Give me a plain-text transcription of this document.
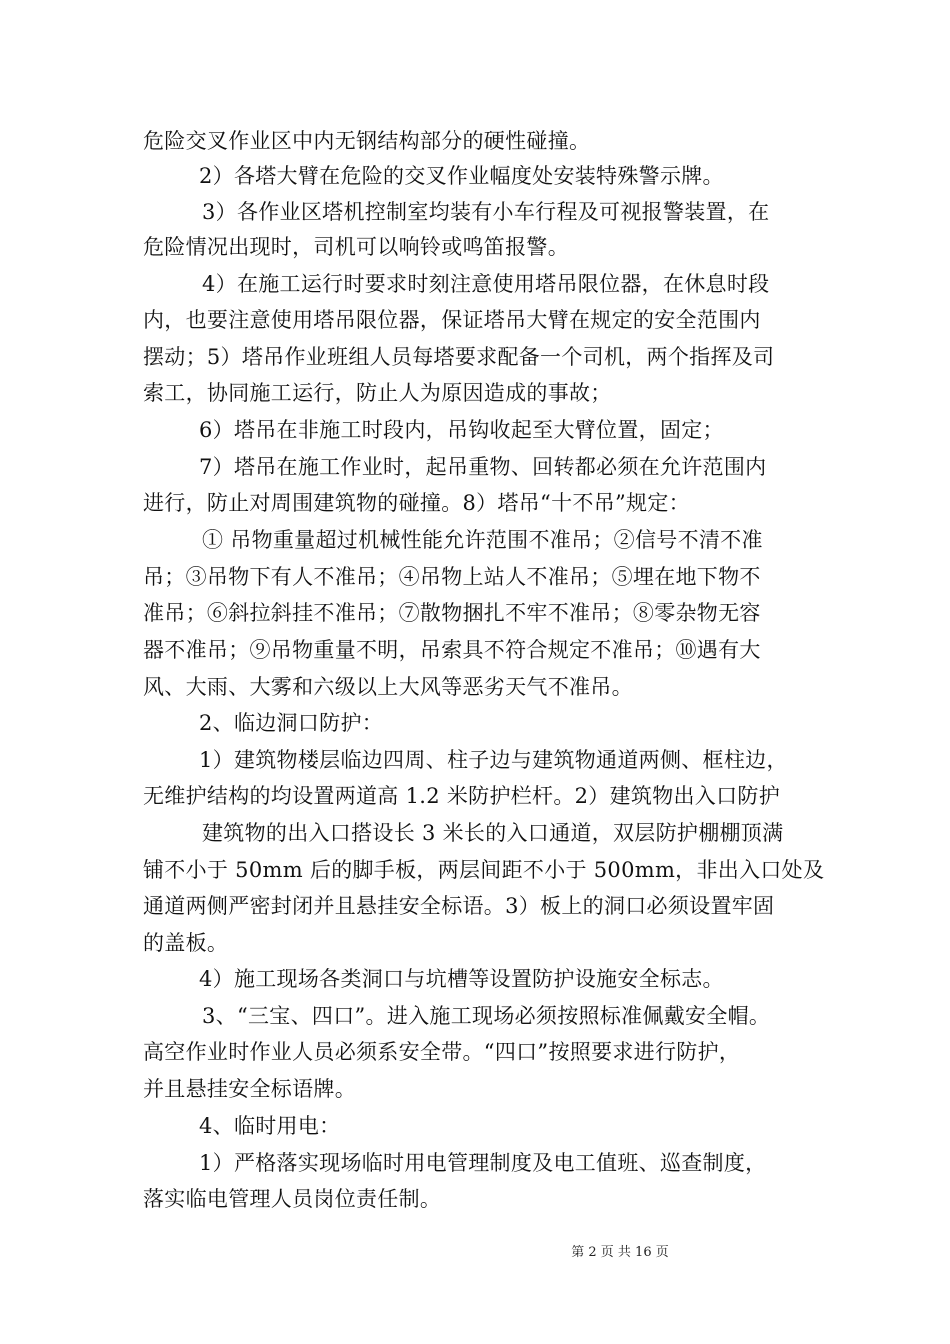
危险交叉作业区中内无钢结构部分的硬性碰撞。
2）各塔大臂在危险的交叉作业幅度处安装特殊警示牌。
3）各作业区塔机控制室均装有小车行程及可视报警装置，在
危险情况出现时，司机可以响铃或鸣笛报警。
4）在施工运行时要求时刻注意使用塔吊限位器，在休息时段
内，也要注意使用塔吊限位器，保证塔吊大臂在规定的安全范围内
摆动；5）塔吊作业班组人员每塔要求配备一个司机，两个指挥及司
索工，协同施工运行，防止人为原因造成的事故；
6）塔吊在非施工时段内，吊钩收起至大臂位置，固定；
7）塔吊在施工作业时，起吊重物、回转都必须在允许范围内
进行，防止对周围建筑物的碰撞。8）塔吊“十不吊”规定：
① 吊物重量超过机械性能允许范围不准吊；②信号不清不准
吊；③吊物下有人不准吊；④吊物上站人不准吊；⑤埋在地下物不
准吊；⑥斜拉斜挂不准吊；⑦散物捆扎不牢不准吊；⑧零杂物无容
器不准吊；⑨吊物重量不明，吊索具不符合规定不准吊；⑩遇有大
风、大雨、大雾和六级以上大风等恶劣天气不准吊。
2、临边洞口防护：
1）建筑物楼层临边四周、柱子边与建筑物通道两侧、框柱边，
无维护结构的均设置两道高 1.2 米防护栏杆。2）建筑物出入口防护
建筑物的出入口搭设长 3 米长的入口通道，双层防护棚棚顶满
铺不小于 50mm 后的脚手板，两层间距不小于 500mm，非出入口处及
通道两侧严密封闭并且悬挂安全标语。3）板上的洞口必须设置牢固
的盖板。
4）施工现场各类洞口与坑槽等设置防护设施安全标志。
3、“三宝、四口”。进入施工现场必须按照标准佩戴安全帽。
高空作业时作业人员必须系安全带。“四口”按照要求进行防护，
并且悬挂安全标语牌。
4、临时用电：
1）严格落实现场临时用电管理制度及电工值班、巡查制度，
落实临电管理人员岗位责任制。
第 2 页 共 16 页
